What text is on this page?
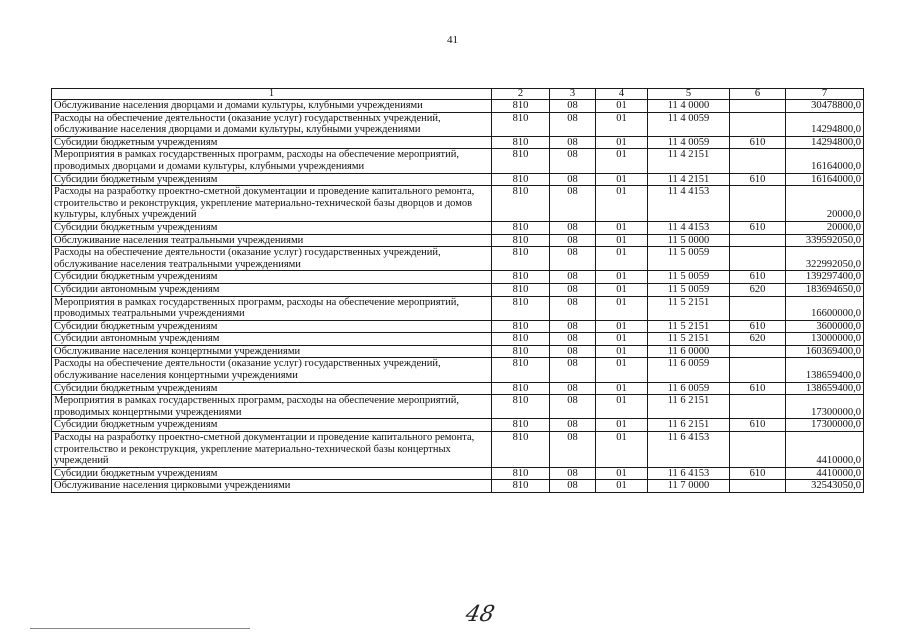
41
1	2	3	4	5	6	7
Обслуживание населения дворцами и домами культуры, клубными учреждениями	810	08	01	11 4 0000		30478800,0
Расходы на обеспечение деятельности (оказание услуг) государственных учреждений, обслуживание населения дворцами и домами культуры, клубными учреждениями	810	08	01	11 4 0059		14294800,0
Субсидии бюджетным учреждениям	810	08	01	11 4 0059	610	14294800,0
Мероприятия в рамках государственных программ, расходы на обеспечение мероприятий, проводимых дворцами и домами культуры, клубными учреждениями	810	08	01	11 4 2151		16164000,0
Субсидии бюджетным учреждениям	810	08	01	11 4 2151	610	16164000,0
Расходы на разработку проектно-сметной документации и проведение капитального ремонта, строительство и реконструкция, укрепление материально-технической базы дворцов и домов культуры, клубных учреждений	810	08	01	11 4 4153		20000,0
Субсидии бюджетным учреждениям	810	08	01	11 4 4153	610	20000,0
Обслуживание населения театральными учреждениями	810	08	01	11 5 0000		339592050,0
Расходы на обеспечение деятельности (оказание услуг) государственных учреждений, обслуживание населения театральными учреждениями	810	08	01	11 5 0059		322992050,0
Субсидии бюджетным учреждениям	810	08	01	11 5 0059	610	139297400,0
Субсидии автономным учреждениям	810	08	01	11 5 0059	620	183694650,0
Мероприятия в рамках государственных программ, расходы на обеспечение мероприятий, проводимых театральными учреждениями	810	08	01	11 5 2151		16600000,0
Субсидии бюджетным учреждениям	810	08	01	11 5 2151	610	3600000,0
Субсидии автономным учреждениям	810	08	01	11 5 2151	620	13000000,0
Обслуживание населения концертными учреждениями	810	08	01	11 6 0000		160369400,0
Расходы на обеспечение деятельности (оказание услуг) государственных учреждений, обслуживание населения концертными учреждениями	810	08	01	11 6 0059		138659400,0
Субсидии бюджетным учреждениям	810	08	01	11 6 0059	610	138659400,0
Мероприятия в рамках государственных программ, расходы на обеспечение мероприятий, проводимых концертными учреждениями	810	08	01	11 6 2151		17300000,0
Субсидии бюджетным учреждениям	810	08	01	11 6 2151	610	17300000,0
Расходы на разработку проектно-сметной документации и проведение капитального ремонта, строительство и реконструкция, укрепление материально-технической базы концертных учреждений	810	08	01	11 6 4153		4410000,0
Субсидии бюджетным учреждениям	810	08	01	11 6 4153	610	4410000,0
Обслуживание населения цирковыми учреждениями	810	08	01	11 7 0000		32543050,0
48
